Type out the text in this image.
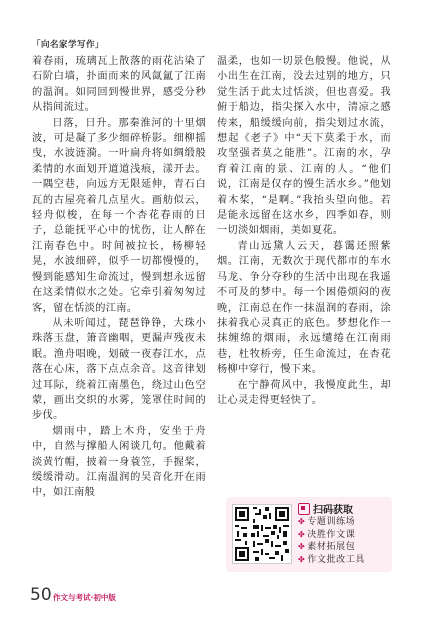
「向名家学写作」

着春雨，琉璃瓦上散落的雨花沾染了石阶白墙，扑面而来的风氤氲了江南的温润。如同回到慢世界，感受分秒从指间流过。

日落，日升。那秦淮河的十里烟波，可是凝了多少细碎桥影。细柳摇曳，水波涟漪。一叶扁舟将如绸缎般柔情的水面划开道道浅痕，漾开去。一隅空巷，向远方无限延伸，青石白瓦的古屋亮着几点星火。画舫似云，轻舟似梭，在每一个杏花春雨的日子，总能抚平心中的忧伤，让人醉在江南春色中。时间被拉长，杨柳轻晃，水波细碎，似乎一切都慢慢的，慢到能感知生命流过，慢到想永远留在这柔情似水之处。它牵引着匆匆过客，留在恬淡的江南。

从未听闻过，琵琶铮铮，大珠小珠落玉盘，箫音幽咽，更漏声残夜未眠。渔舟唱晚，划破一夜春江水，点落在心床，落下点点余音。这音律划过耳际，绕着江南墨色，绕过山色空蒙，画出交织的水雾，笼罩住时间的步伐。

烟雨中，踏上木舟，安坐于舟中，自然与撑船人闲谈几句。他戴着淡黄竹帽，披着一身蓑笠，手握桨，缓缓滑动。江南温润的吴音化开在雨中，如江南般

温柔，也如一切景色般慢。他说，从小出生在江南，没去过别的地方，只觉生活于此太过恬淡，但也喜爱。我俯于船边，指尖探入水中，清凉之感传来，船缓缓向前，指尖划过水流，想起《老子》中“天下莫柔于水，而攻坚强者莫之能胜”。江南的水，孕育着江南的景、江南的人。“他们说，江南是仅存的慢生活水乡。”他划着木桨，“是啊。”我抬头望向他。若是能永远留在这水乡，四季如春，则一切淡如烟雨，美如夏花。

青山远黛人云天，暮霭还照紫烟。江南，无数次于现代都市的车水马龙、争分夺秒的生活中出现在我遥不可及的梦中。每一个困倦烦闷的夜晚，江南总在作一抹温润的春雨，涂抹着我心灵真正的底色。梦想化作一抹缠绵的烟雨，永远缱绻在江南雨巷，杜牧桥旁，任生命流过，在杏花杨柳中穿行，慢下来。

在宁静荷风中，我慢度此生，却让心灵走得更轻快了。

扫码获取
✤ 专题训练场
✤ 决胜作文课
✤ 素材拓展包
✤ 作文批改工具
50 作文与考试·初中版
